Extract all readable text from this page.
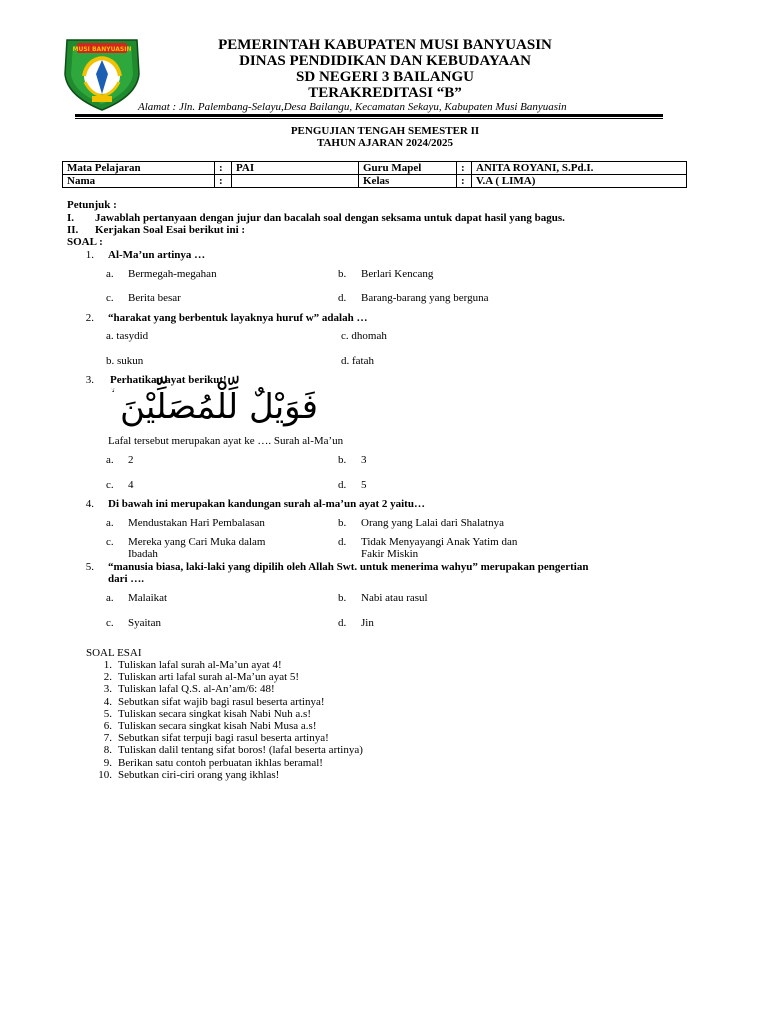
MUSI BANYUASIN	PEMERINTAH KABUPATEN MUSI BANYUASIN
DINAS PENDIDIKAN DAN KEBUDAYAAN
SD NEGERI 3 BAILANGU
TERAKREDITASI “B”
Alamat : Jln. Palembang-Selayu,Desa Bailangu, Kecamatan Sekayu, Kabupaten Musi Banyuasin
PENGUJIAN TENGAH SEMESTER II
TAHUN AJARAN 2024/2025
Mata Pelajaran	:	PAI	Guru Mapel	:	ANITA ROYANI, S.Pd.I.
Nama	:		Kelas	:	V.A ( LIMA)
Petunjuk :
I. Jawablah pertanyaan dengan jujur dan bacalah soal dengan seksama untuk dapat hasil yang bagus.
II. Kerjakan Soal Esai berikut ini :
SOAL :
1. Al-Ma’un artinya …
a. Bermegah-megahan	b. Berlari Kencang
c. Berita besar	d. Barang-barang yang berguna
2. “harakat yang berbentuk layaknya huruf w” adalah …
a. tasydid	c. dhomah
b. sukun	d. fatah
3. Perhatikan ayat berikut!
فَوَيْلٌ لِّلْمُصَلِّيْنَ
Lafal tersebut merupakan ayat ke …. Surah al-Ma’un
a. 2	b. 3
c. 4	d. 5
4. Di bawah ini merupakan kandungan surah al-ma’un ayat 2 yaitu…
a. Mendustakan Hari Pembalasan	b. Orang yang Lalai dari Shalatnya
c. Mereka yang Cari Muka dalam
Ibadah
d. Tidak Menyayangi Anak Yatim dan
Fakir Miskin
5. “manusia biasa, laki-laki yang dipilih oleh Allah Swt. untuk menerima wahyu” merupakan pengertian
dari ….
a. Malaikat	b. Nabi atau rasul
c. Syaitan	d. Jin
SOAL ESAI
1. Tuliskan lafal surah al-Ma’un ayat 4!
2. Tuliskan arti lafal surah al-Ma’un ayat 5!
3. Tuliskan lafal Q.S. al-An’am/6: 48!
4. Sebutkan sifat wajib bagi rasul beserta artinya!
5. Tuliskan secara singkat kisah Nabi Nuh a.s!
6. Tuliskan secara singkat kisah Nabi Musa a.s!
7. Sebutkan sifat terpuji bagi rasul beserta artinya!
8. Tuliskan dalil tentang sifat boros! (lafal beserta artinya)
9. Berikan satu contoh perbuatan ikhlas beramal!
10. Sebutkan ciri-ciri orang yang ikhlas!
